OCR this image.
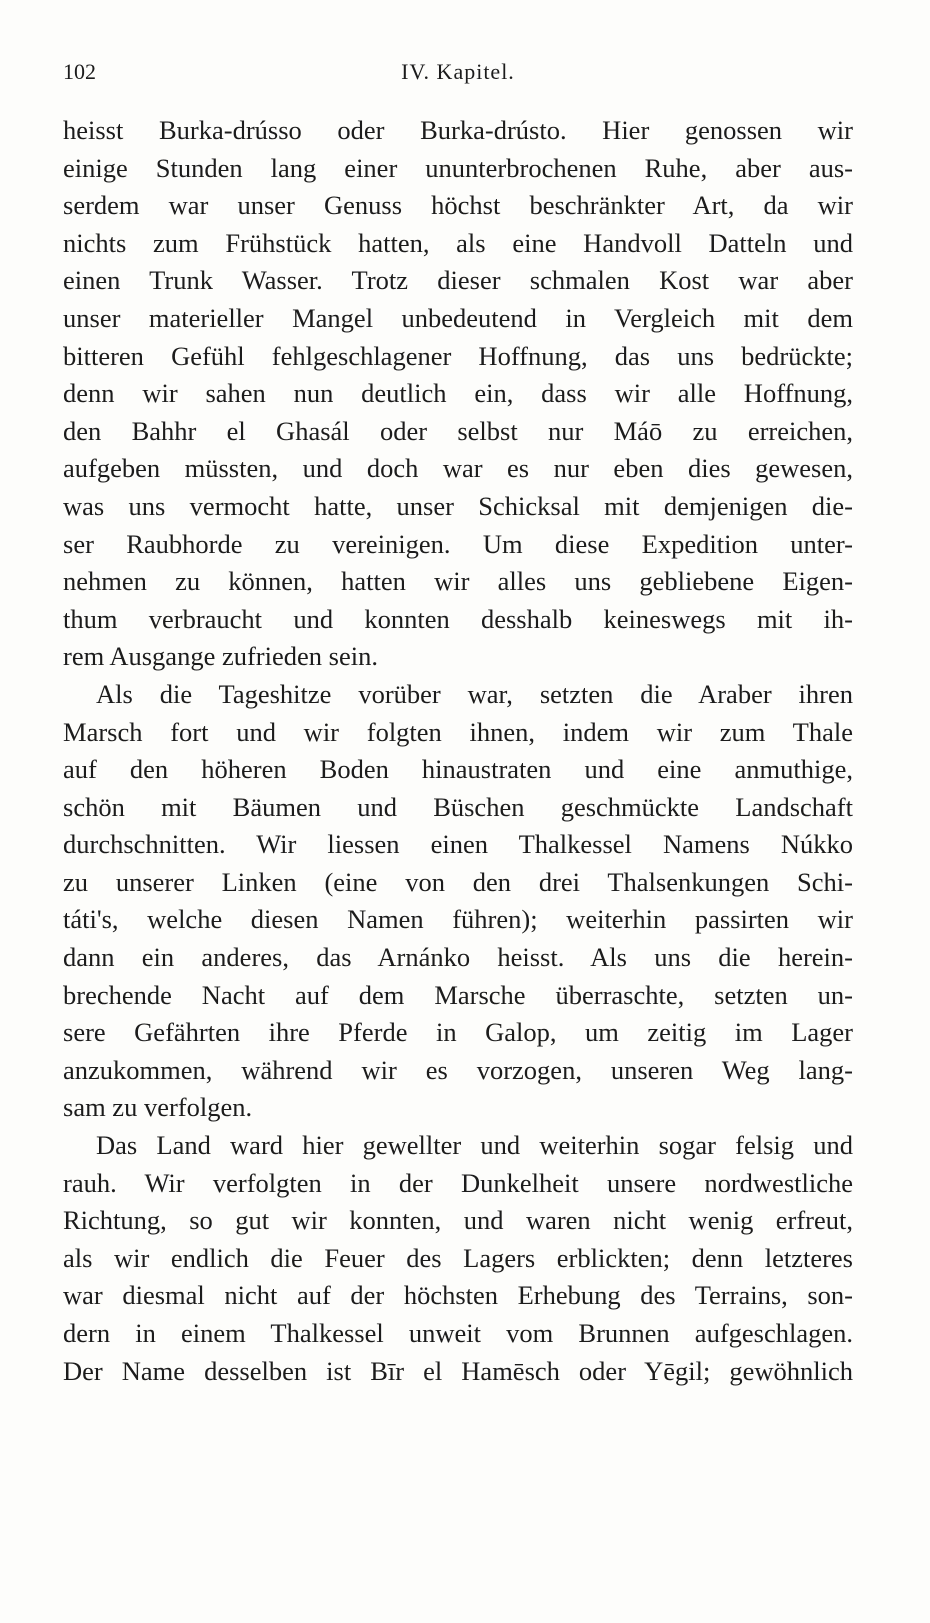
102	IV. Kapitel.
heisst Burka-drússo oder Burka-drústo. Hier genossen wir
einige Stunden lang einer ununterbrochenen Ruhe, aber aus-
serdem war unser Genuss höchst beschränkter Art, da wir
nichts zum Frühstück hatten, als eine Handvoll Datteln und
einen Trunk Wasser. Trotz dieser schmalen Kost war aber
unser materieller Mangel unbedeutend in Vergleich mit dem
bitteren Gefühl fehlgeschlagener Hoffnung, das uns bedrückte;
denn wir sahen nun deutlich ein, dass wir alle Hoffnung,
den Bahhr el Ghasál oder selbst nur Máō zu erreichen,
aufgeben müssten, und doch war es nur eben dies gewesen,
was uns vermocht hatte, unser Schicksal mit demjenigen die-
ser Raubhorde zu vereinigen. Um diese Expedition unter-
nehmen zu können, hatten wir alles uns gebliebene Eigen-
thum verbraucht und konnten desshalb keineswegs mit ih-
rem Ausgange zufrieden sein.
Als die Tageshitze vorüber war, setzten die Araber ihren
Marsch fort und wir folgten ihnen, indem wir zum Thale
auf den höheren Boden hinaustraten und eine anmuthige,
schön mit Bäumen und Büschen geschmückte Landschaft
durchschnitten. Wir liessen einen Thalkessel Namens Núkko
zu unserer Linken (eine von den drei Thalsenkungen Schi-
táti's, welche diesen Namen führen); weiterhin passirten wir
dann ein anderes, das Arnánko heisst. Als uns die herein-
brechende Nacht auf dem Marsche überraschte, setzten un-
sere Gefährten ihre Pferde in Galop, um zeitig im Lager
anzukommen, während wir es vorzogen, unseren Weg lang-
sam zu verfolgen.
Das Land ward hier gewellter und weiterhin sogar felsig und
rauh. Wir verfolgten in der Dunkelheit unsere nordwestliche
Richtung, so gut wir konnten, und waren nicht wenig erfreut,
als wir endlich die Feuer des Lagers erblickten; denn letzteres
war diesmal nicht auf der höchsten Erhebung des Terrains, son-
dern in einem Thalkessel unweit vom Brunnen aufgeschlagen.
Der Name desselben ist Bīr el Hamēsch oder Yēgil; gewöhnlich
